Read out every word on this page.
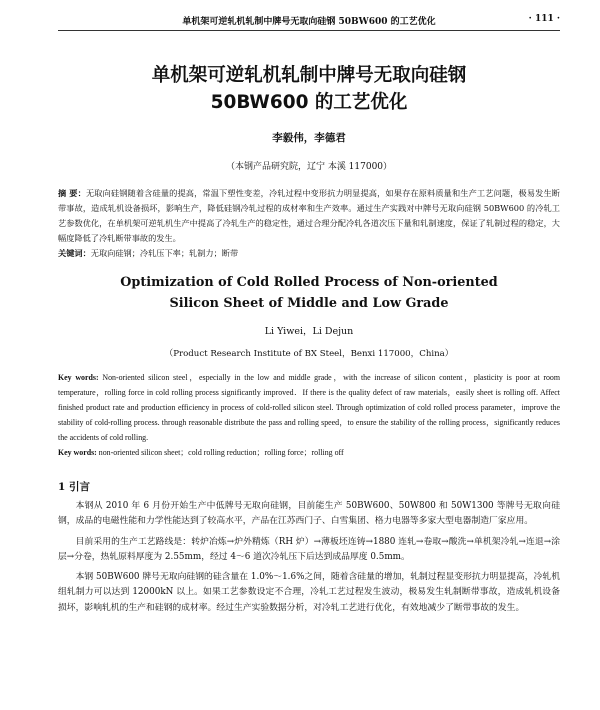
单机架可逆轧机轧制中牌号无取向硅钢 50BW600 的工艺优化	· 111 ·
单机架可逆轧机轧制中牌号无取向硅钢
50BW600 的工艺优化
李毅伟，李德君
（本钢产品研究院，辽宁 本溪 117000）
摘 要：无取向硅钢随着含硅量的提高，常温下塑性变差，冷轧过程中变形抗力明显提高，如果存在原料质量和生产工艺问题，极易发生断带事故，造成轧机设备损坏，影响生产，降低硅钢冷轧过程的成材率和生产效率。通过生产实践对中牌号无取向硅钢 50BW600 的冷轧工艺参数优化，在单机架可逆轧机生产中提高了冷轧生产的稳定性，通过合理分配冷轧各道次压下量和轧制速度，保证了轧制过程的稳定，大幅度降低了冷轧断带事故的发生。
关键词：无取向硅钢；冷轧压下率；轧制力；断带
Optimization of Cold Rolled Process of Non-oriented
Silicon Sheet of Middle and Low Grade
Li Yiwei，Li Dejun
（Product Research Institute of BX Steel，Benxi 117000，China）
Key words: Non-oriented silicon steel，especially in the low and middle grade，with the increase of silicon content，plasticity is poor at room temperature，rolling force in cold rolling process significantly improved．If there is the quality defect of raw materials，easily sheet is rolling off. Affect finished product rate and production efficiency in process of cold-rolled silicon steel. Through optimization of cold rolled process parameter，improve the stability of cold-rolling process. through reasonable distribute the pass and rolling speed，to ensure the stability of the rolling process，significantly reduces the accidents of cold rolling.
Key words: non-oriented silicon sheet；cold rolling reduction；rolling force；rolling off
1 引言

本钢从 2010 年 6 月份开始生产中低牌号无取向硅钢，目前能生产 50BW600、50W800 和 50W1300 等牌号无取向硅钢，成品的电磁性能和力学性能达到了较高水平，产品在江苏西门子、白雪集团、格力电器等多家大型电器制造厂家应用。

目前采用的生产工艺路线是：转炉冶炼→炉外精炼（RH 炉）→薄板坯连铸→1880 连轧→卷取→酸洗→单机架冷轧→连退→涂层→分卷，热轧原料厚度为 2.55mm，经过 4～6 道次冷轧压下后达到成品厚度 0.5mm。

本钢 50BW600 牌号无取向硅钢的硅含量在 1.0%～1.6%之间，随着含硅量的增加，轧制过程显变形抗力明显提高，冷轧机组轧制力可以达到 12000kN 以上。如果工艺参数设定不合理，冷轧工艺过程发生波动，极易发生轧制断带事故，造成轧机设备损坏，影响轧机的生产和硅钢的成材率。经过生产实验数据分析，对冷轧工艺进行优化，有效地减少了断带事故的发生。
